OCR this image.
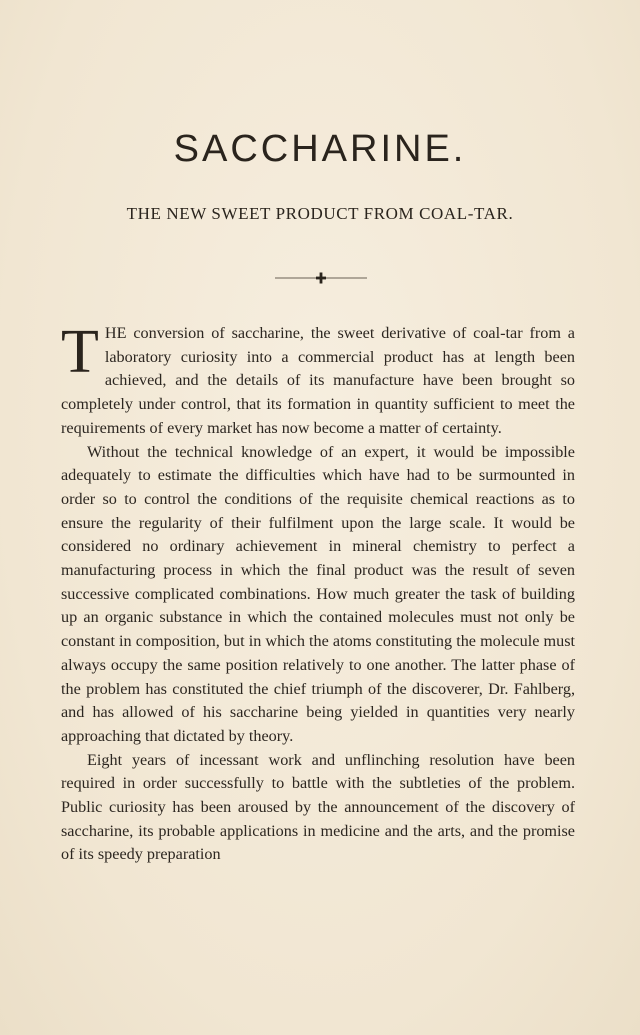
SACCHARINE.
THE NEW SWEET PRODUCT FROM COAL-TAR.

THE conversion of saccharine, the sweet derivative of coal-tar from a laboratory curiosity into a commercial product has at length been achieved, and the details of its manufacture have been brought so completely under control, that its formation in quantity sufficient to meet the requirements of every market has now become a matter of certainty.

Without the technical knowledge of an expert, it would be impossible adequately to estimate the difficulties which have had to be surmounted in order so to control the conditions of the requisite chemical reactions as to ensure the regularity of their fulfilment upon the large scale. It would be considered no ordinary achievement in mineral chemistry to perfect a manufacturing process in which the final product was the result of seven successive complicated combinations. How much greater the task of building up an organic substance in which the contained molecules must not only be constant in composition, but in which the atoms constituting the molecule must always occupy the same position relatively to one another. The latter phase of the problem has constituted the chief triumph of the discoverer, Dr. Fahlberg, and has allowed of his saccharine being yielded in quantities very nearly approaching that dictated by theory.

Eight years of incessant work and unflinching resolution have been required in order successfully to battle with the subtleties of the problem. Public curiosity has been aroused by the announcement of the discovery of saccharine, its probable applications in medicine and the arts, and the promise of its speedy preparation
